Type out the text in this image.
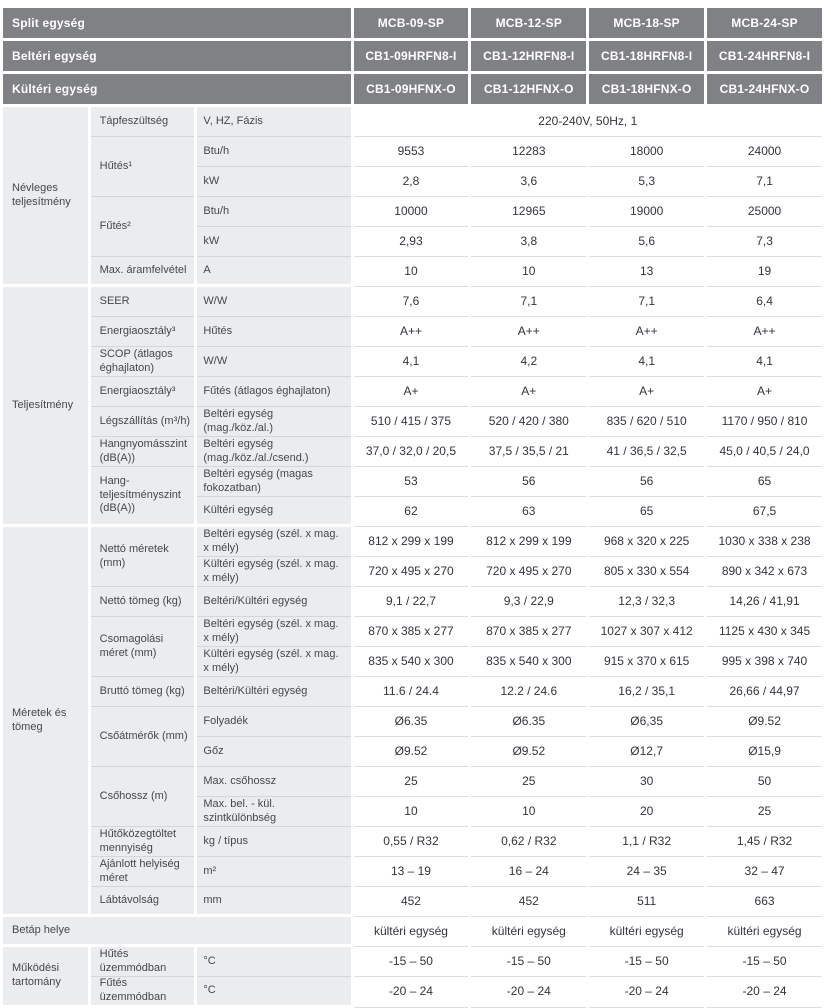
Split egység			MCB-09-SP	MCB-12-SP	MCB-18-SP	MCB-24-SP
Beltéri egység			CB1-09HRFN8-I	CB1-12HRFN8-I	CB1-18HRFN8-I	CB1-24HRFN8-I
Kültéri egység			CB1-09HFNX-O	CB1-12HFNX-O	CB1-18HFNX-O	CB1-24HFNX-O
Névleges teljesítmény	Tápfeszültség	V, HZ, Fázis	220-240V, 50Hz, 1			
	Hűtés¹	Btu/h	9553	12283	18000	24000
		kW	2,8	3,6	5,3	7,1
	Fűtés²	Btu/h	10000	12965	19000	25000
		kW	2,93	3,8	5,6	7,3
	Max. áramfelvétel	A	10	10	13	19
Teljesítmény	SEER	W/W	7,6	7,1	7,1	6,4
	Energiaosztály³	Hűtés	A++	A++	A++	A++
	SCOP (átlagos éghajlaton)	W/W	4,1	4,2	4,1	4,1
	Energiaosztály³	Fűtés (átlagos éghajlaton)	A+	A+	A+	A+
	Légszállítás (m³/h)	Beltéri egység (mag./köz./al.)	510 / 415 / 375	520 / 420 / 380	835 / 620 / 510	1170 / 950 / 810
	Hangnyomásszint (dB(A))	Beltéri egység (mag./köz./al./csend.)	37,0 / 32,0 / 20,5	37,5 / 35,5 / 21	41 / 36,5 / 32,5	45,0 / 40,5 / 24,0
	Hang-teljesítményszint (dB(A))	Beltéri egység (magas fokozatban)	53	56	56	65
		Kültéri egység	62	63	65	67,5
Méretek és tömeg	Nettó méretek (mm)	Beltéri egység (szél. x mag. x mély)	812 x 299 x 199	812 x 299 x 199	968 x 320 x 225	1030 x 338 x 238
		Kültéri egység (szél. x mag. x mély)	720 x 495 x 270	720 x 495 x 270	805 x 330 x 554	890 x 342 x 673
	Nettó tömeg (kg)	Beltéri/Kültéri egység	9,1 / 22,7	9,3 / 22,9	12,3 / 32,3	14,26 / 41,91
	Csomagolási méret (mm)	Beltéri egység (szél. x mag. x mély)	870 x 385 x 277	870 x 385 x 277	1027 x 307 x 412	1125 x 430 x 345
		Kültéri egység (szél. x mag. x mély)	835 x 540 x 300	835 x 540 x 300	915 x 370 x 615	995 x 398 x 740
	Bruttó tömeg (kg)	Beltéri/Kültéri egység	11.6 / 24.4	12.2 / 24.6	16,2 / 35,1	26,66 / 44,97
	Csőátmérők (mm)	Folyadék	Ø6.35	Ø6.35	Ø6,35	Ø9.52
		Gőz	Ø9.52	Ø9.52	Ø12,7	Ø15,9
	Csőhossz (m)	Max. csőhossz	25	25	30	50
		Max. bel. - kül. szintkülönbség	10	10	20	25
	Hűtőközegtöltet mennyiség	kg / típus	0,55 / R32	0,62 / R32	1,1 / R32	1,45 / R32
	Ajánlott helyiség méret	m²	13 – 19	16 – 24	24 – 35	32 – 47
	Lábtávolság	mm	452	452	511	663
Betáp helye			kültéri egység	kültéri egység	kültéri egység	kültéri egység
Működési tartomány	Hűtés üzemmódban	°C	-15 – 50	-15 – 50	-15 – 50	-15 – 50
	Fűtés üzemmódban	°C	-20 – 24	-20 – 24	-20 – 24	-20 – 24
